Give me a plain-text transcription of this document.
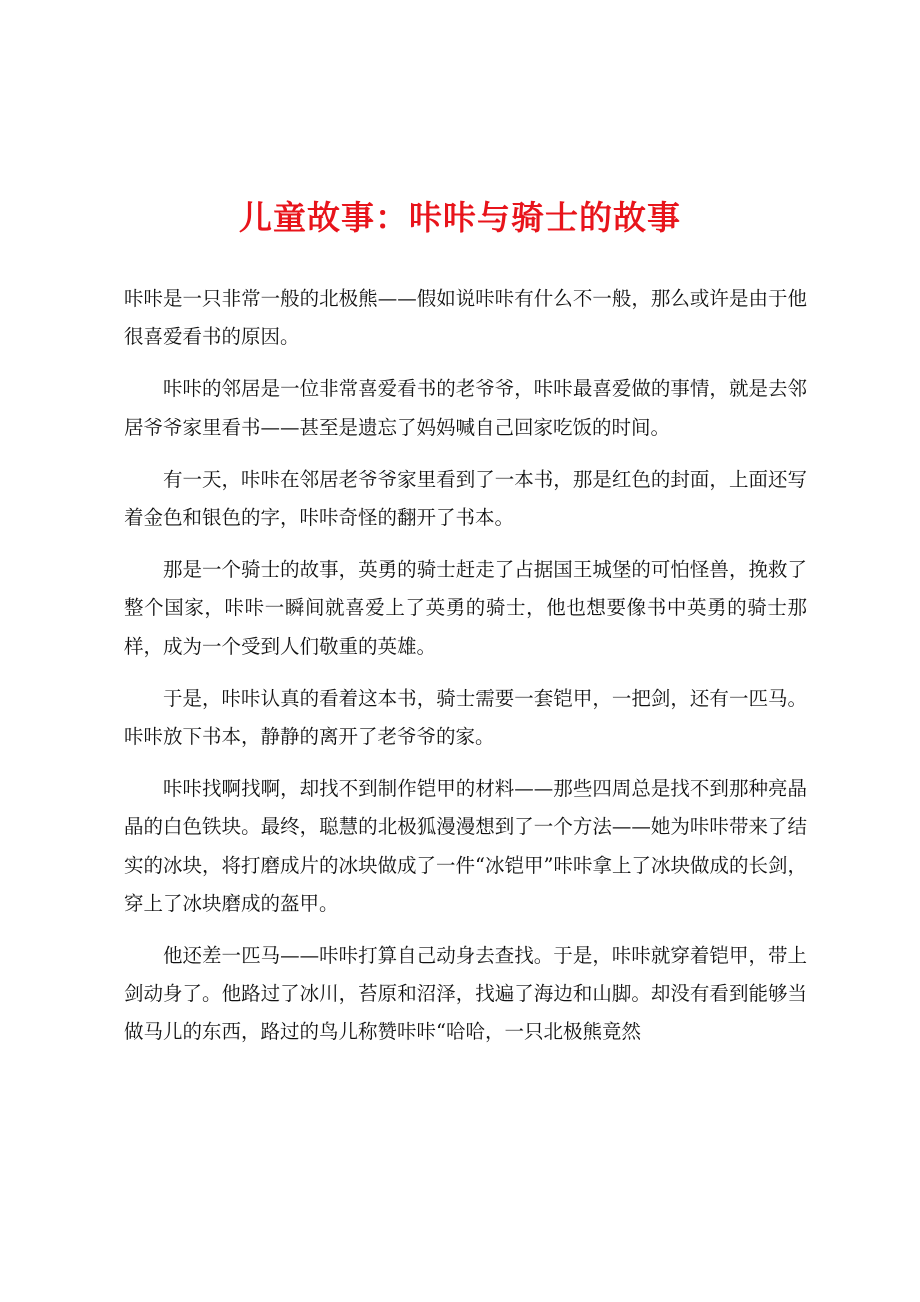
儿童故事：咔咔与骑士的故事

咔咔是一只非常一般的北极熊——假如说咔咔有什么不一般，那么或许是由于他很喜爱看书的原因。

咔咔的邻居是一位非常喜爱看书的老爷爷，咔咔最喜爱做的事情，就是去邻居爷爷家里看书——甚至是遗忘了妈妈喊自己回家吃饭的时间。

有一天，咔咔在邻居老爷爷家里看到了一本书，那是红色的封面，上面还写着金色和银色的字，咔咔奇怪的翻开了书本。

那是一个骑士的故事，英勇的骑士赶走了占据国王城堡的可怕怪兽，挽救了整个国家，咔咔一瞬间就喜爱上了英勇的骑士，他也想要像书中英勇的骑士那样，成为一个受到人们敬重的英雄。

于是，咔咔认真的看着这本书，骑士需要一套铠甲，一把剑，还有一匹马。咔咔放下书本，静静的离开了老爷爷的家。

咔咔找啊找啊，却找不到制作铠甲的材料——那些四周总是找不到那种亮晶晶的白色铁块。最终，聪慧的北极狐漫漫想到了一个方法——她为咔咔带来了结实的冰块，将打磨成片的冰块做成了一件“冰铠甲”咔咔拿上了冰块做成的长剑，穿上了冰块磨成的盔甲。

他还差一匹马——咔咔打算自己动身去查找。于是，咔咔就穿着铠甲，带上剑动身了。他路过了冰川，苔原和沼泽，找遍了海边和山脚。却没有看到能够当做马儿的东西，路过的鸟儿称赞咔咔“哈哈，一只北极熊竟然
